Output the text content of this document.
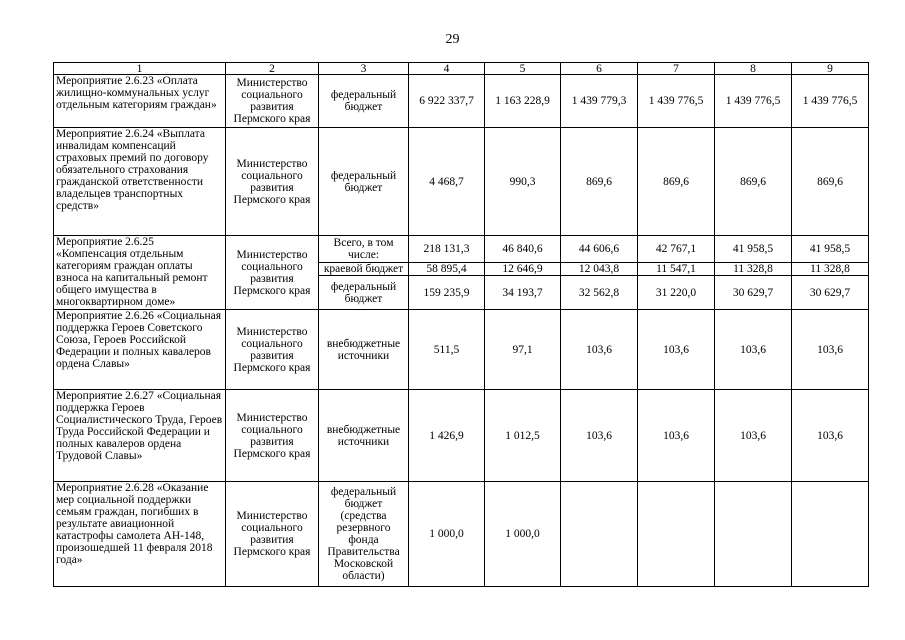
29
1	2	3	4	5	6	7	8	9
Мероприятие 2.6.23 «Оплата жилищно-коммунальных услуг отдельным категориям граждан»	Министерство социального развития Пермского края	федеральный бюджет	6 922 337,7	1 163 228,9	1 439 779,3	1 439 776,5	1 439 776,5	1 439 776,5
Мероприятие 2.6.24 «Выплата инвалидам компенсаций страховых премий по договору обязательного страхования гражданской ответственности владельцев транспортных средств»	Министерство социального развития Пермского края	федеральный бюджет	4 468,7	990,3	869,6	869,6	869,6	869,6
Мероприятие 2.6.25 «Компенсация отдельным категориям граждан оплаты взноса на капитальный ремонт общего имущества в многоквартирном доме»	Министерство социального развития Пермского края	Всего, в том числе:	218 131,3	46 840,6	44 606,6	42 767,1	41 958,5	41 958,5
		краевой бюджет	58 895,4	12 646,9	12 043,8	11 547,1	11 328,8	11 328,8
		федеральный бюджет	159 235,9	34 193,7	32 562,8	31 220,0	30 629,7	30 629,7
Мероприятие 2.6.26 «Социальная поддержка Героев Советского Союза, Героев Российской Федерации и полных кавалеров ордена Славы»	Министерство социального развития Пермского края	внебюджетные источники	511,5	97,1	103,6	103,6	103,6	103,6
Мероприятие 2.6.27 «Социальная поддержка Героев Социалистического Труда, Героев Труда Российской Федерации и полных кавалеров ордена Трудовой Славы»	Министерство социального развития Пермского края	внебюджетные источники	1 426,9	1 012,5	103,6	103,6	103,6	103,6
Мероприятие 2.6.28 «Оказание мер социальной поддержки семьям граждан, погибших в результате авиационной катастрофы самолета АН-148, произошедшей 11 февраля 2018 года»	Министерство социального развития Пермского края	федеральный бюджет (средства резервного фонда Правительства Московской области)	1 000,0	1 000,0				
